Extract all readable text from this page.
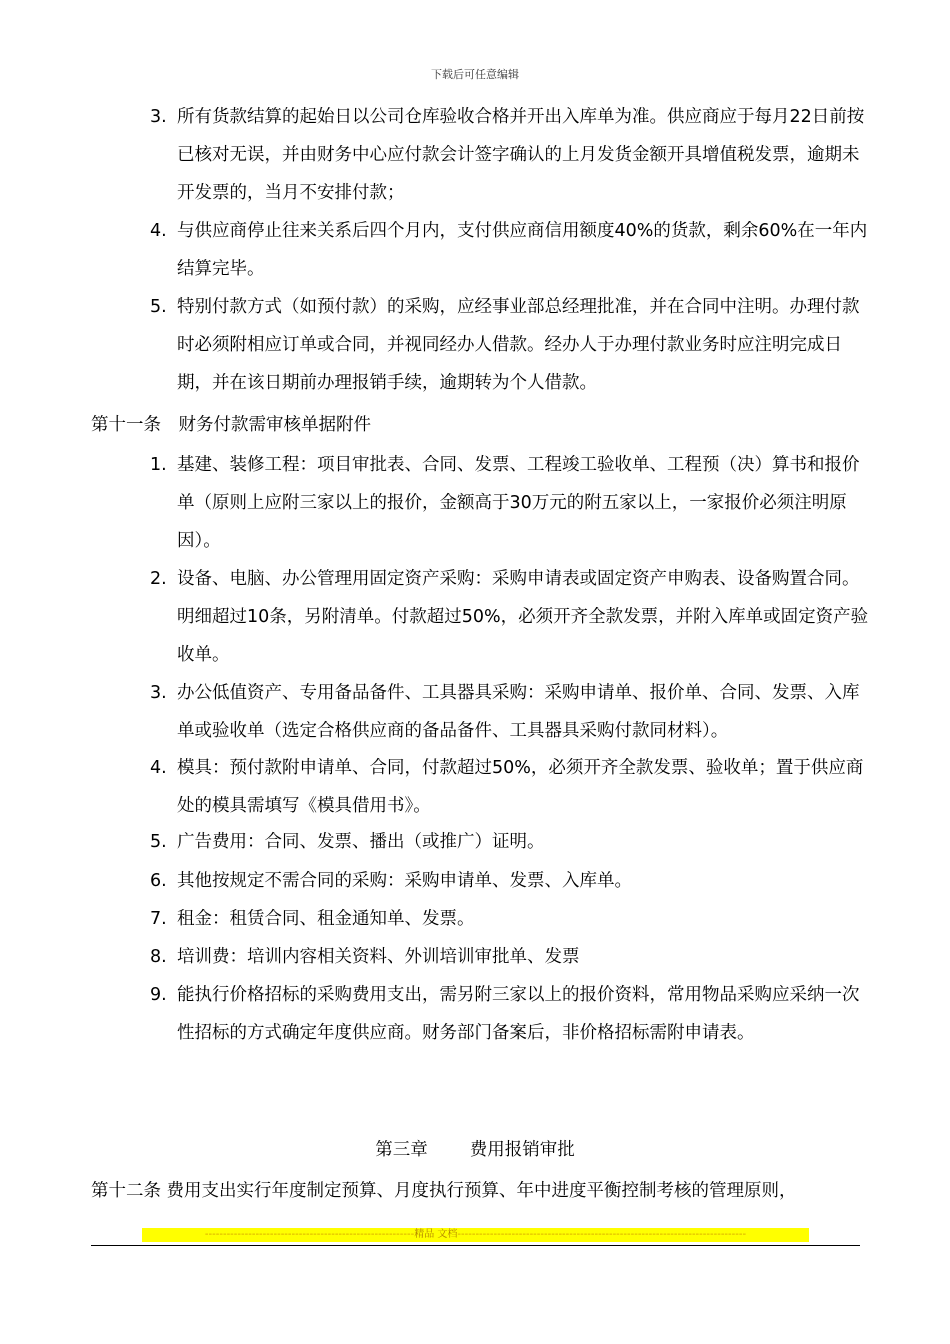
下载后可任意编辑
3. 所有货款结算的起始日以公司仓库验收合格并开出入库单为准。供应商应于每月22日前按已核对无误，并由财务中心应付款会计签字确认的上月发货金额开具增值税发票，逾期未开发票的，当月不安排付款；
4. 与供应商停止往来关系后四个月内，支付供应商信用额度40%的货款，剩余60%在一年内结算完毕。
5. 特别付款方式（如预付款）的采购，应经事业部总经理批准，并在合同中注明。办理付款时必须附相应订单或合同，并视同经办人借款。经办人于办理付款业务时应注明完成日期，并在该日期前办理报销手续，逾期转为个人借款。
第十一条　财务付款需审核单据附件
1. 基建、装修工程：项目审批表、合同、发票、工程竣工验收单、工程预（决）算书和报价单（原则上应附三家以上的报价，金额高于30万元的附五家以上，一家报价必须注明原因）。
2. 设备、电脑、办公管理用固定资产采购：采购申请表或固定资产申购表、设备购置合同。明细超过10条，另附清单。付款超过50%，必须开齐全款发票，并附入库单或固定资产验收单。
3. 办公低值资产、专用备品备件、工具器具采购：采购申请单、报价单、合同、发票、入库单或验收单（选定合格供应商的备品备件、工具器具采购付款同材料）。
4. 模具：预付款附申请单、合同，付款超过50%，必须开齐全款发票、验收单；置于供应商处的模具需填写《模具借用书》。
5. 广告费用：合同、发票、播出（或推广）证明。
6. 其他按规定不需合同的采购：采购申请单、发票、入库单。
7. 租金：租赁合同、租金通知单、发票。
8. 培训费：培训内容相关资料、外训培训审批单、发票
9. 能执行价格招标的采购费用支出，需另附三家以上的报价资料，常用物品采购应采纳一次性招标的方式确定年度供应商。财务部门备案后，非价格招标需附申请表。
第三章 费用报销审批
第十二条 费用支出实行年度制定预算、月度执行预算、年中进度平衡控制考核的管理原则，
----------------------------------------------------------精品 文档--------------------------------------------------------------------------------
